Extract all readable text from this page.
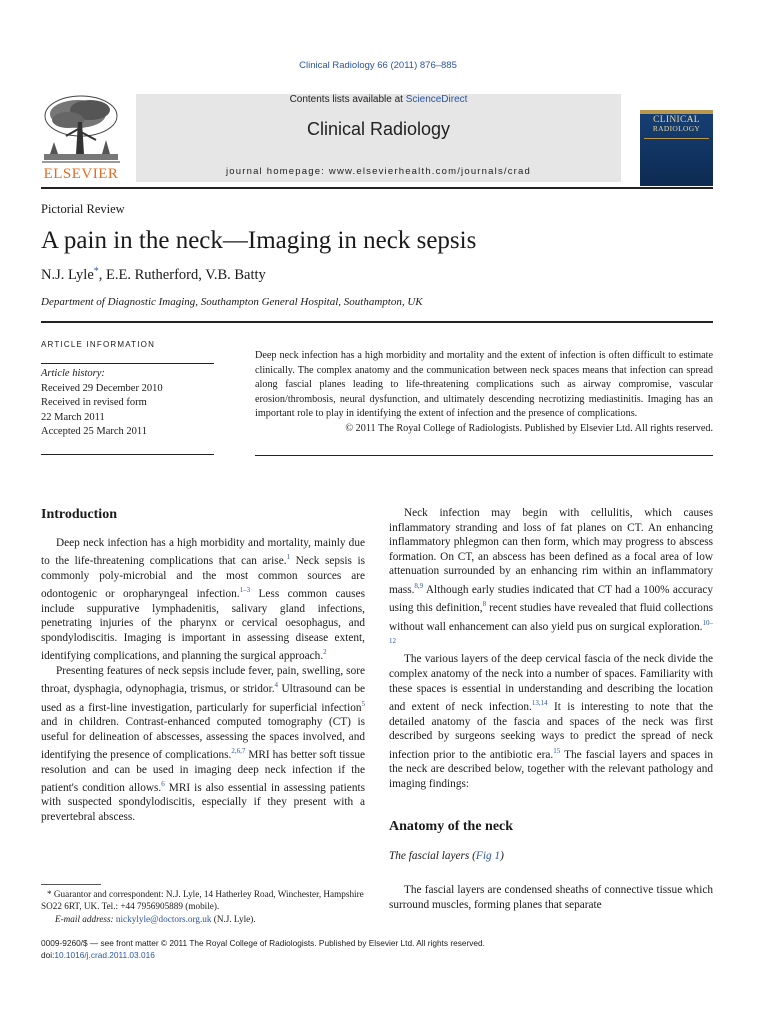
Clinical Radiology 66 (2011) 876–885
ELSEVIER
Contents lists available at ScienceDirect
Clinical Radiology
journal homepage: www.elsevierhealth.com/journals/crad
CLINICAL
RADIOLOGY
Pictorial Review
A pain in the neck—Imaging in neck sepsis
N.J. Lyle*, E.E. Rutherford, V.B. Batty
Department of Diagnostic Imaging, Southampton General Hospital, Southampton, UK
ARTICLE INFORMATION
Article history:
Received 29 December 2010
Received in revised form
22 March 2011
Accepted 25 March 2011
Deep neck infection has a high morbidity and mortality and the extent of infection is often difficult to estimate clinically. The complex anatomy and the communication between neck spaces means that infection can spread along fascial planes leading to life-threatening complications such as airway compromise, vascular erosion/thrombosis, neural dysfunction, and ultimately descending necrotizing mediastinitis. Imaging has an important role to play in identifying the extent of infection and the presence of complications.
© 2011 The Royal College of Radiologists. Published by Elsevier Ltd. All rights reserved.
Introduction

Deep neck infection has a high morbidity and mortality, mainly due to the life-threatening complications that can arise.$^1$ Neck sepsis is commonly poly-microbial and the most common sources are odontogenic or oropharyngeal infection.$^{1-3}$ Less common causes include suppurative lymphadenitis, salivary gland infections, penetrating injuries of the pharynx or cervical oesophagus, and spondylodiscitis. Imaging is important in assessing disease extent, identifying complications, and planning the surgical approach.$^2$

Presenting features of neck sepsis include fever, pain, swelling, sore throat, dysphagia, odynophagia, trismus, or stridor.$^4$ Ultrasound can be used as a first-line investigation, particularly for superficial infection$^5$ and in children. Contrast-enhanced computed tomography (CT) is useful for delineation of abscesses, assessing the spaces involved, and identifying the presence of complications.$^{2,6,7}$ MRI has better soft tissue resolution and can be used in imaging deep neck infection if the patient's condition allows.$^6$ MRI is also essential in assessing patients with suspected spondylodiscitis, especially if they present with a prevertebral abscess.

Neck infection may begin with cellulitis, which causes inflammatory stranding and loss of fat planes on CT. An enhancing inflammatory phlegmon can then form, which may progress to abscess formation. On CT, an abscess has been defined as a focal area of low attenuation surrounded by an enhancing rim within an inflammatory mass.$^{8,9}$ Although early studies indicated that CT had a 100% accuracy using this definition,$^8$ recent studies have revealed that fluid collections without wall enhancement can also yield pus on surgical exploration.$^{10-12}$

The various layers of the deep cervical fascia of the neck divide the complex anatomy of the neck into a number of spaces. Familiarity with these spaces is essential in understanding and describing the location and extent of neck infection.$^{13,14}$ It is interesting to note that the detailed anatomy of the fascia and spaces of the neck was first described by surgeons seeking ways to predict the spread of neck infection prior to the antibiotic era.$^{15}$ The fascial layers and spaces in the neck are described below, together with the relevant pathology and imaging findings:

Anatomy of the neck
The fascial layers (Fig 1)

The fascial layers are condensed sheaths of connective tissue which surround muscles, forming planes that separate

* Guarantor and correspondent: N.J. Lyle, 14 Hatherley Road, Winchester, Hampshire SO22 6RT, UK. Tel.: +44 7956905889 (mobile).
E-mail address: nickylyle@doctors.org.uk (N.J. Lyle).
0009-9260/$ — see front matter © 2011 The Royal College of Radiologists. Published by Elsevier Ltd. All rights reserved.
doi:10.1016/j.crad.2011.03.016
